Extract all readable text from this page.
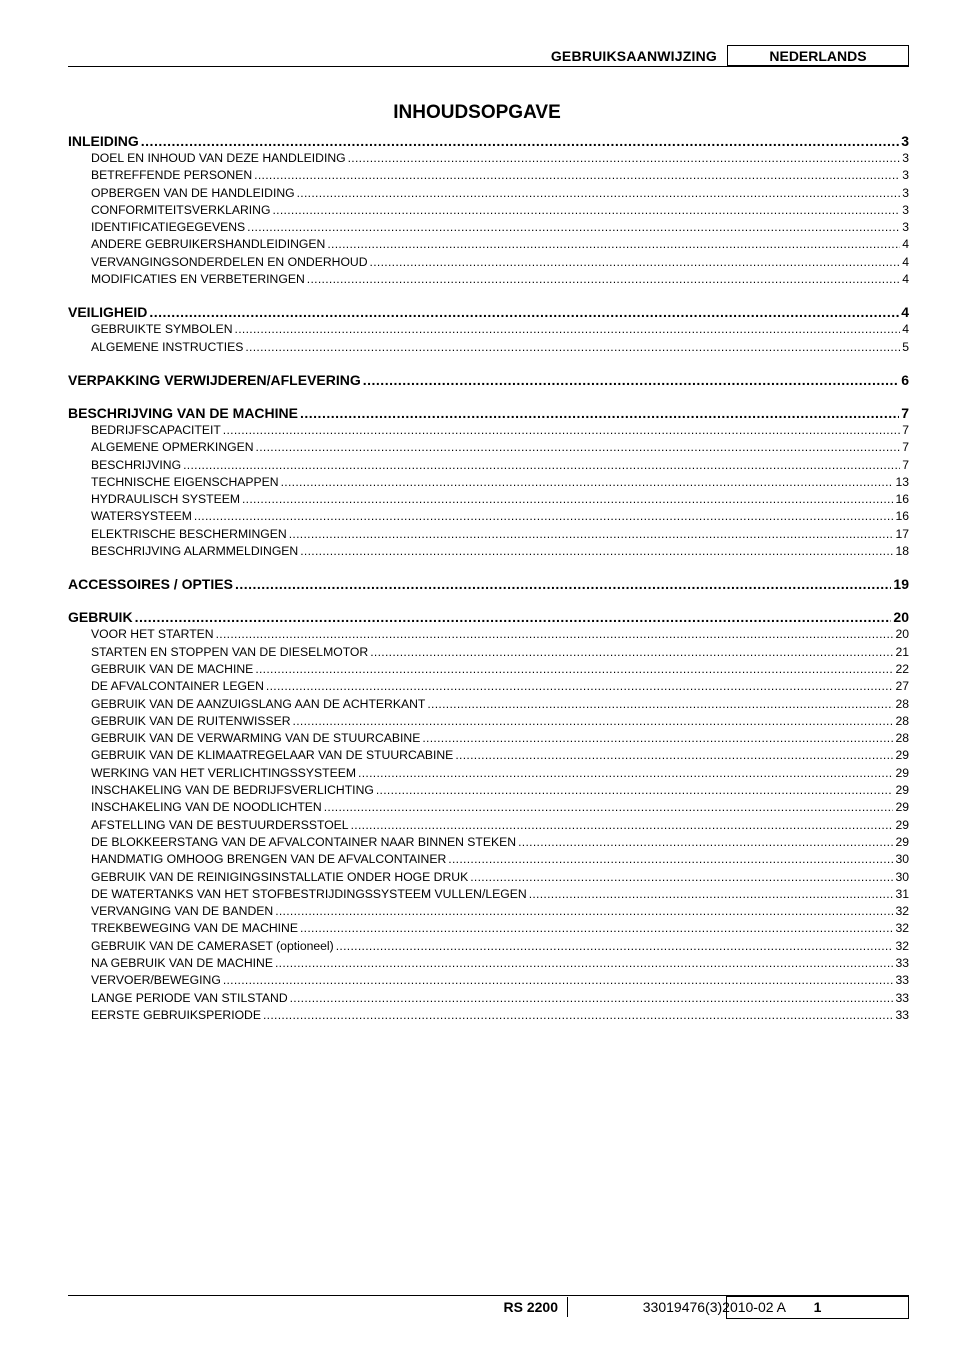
GEBRUIKSAANWIJZING	NEDERLANDS
INHOUDSOPGAVE
INLEIDING .....	3
DOEL EN INHOUD VAN DEZE HANDLEIDING .....	3
BETREFFENDE PERSONEN .....	3
OPBERGEN VAN DE HANDLEIDING .....	3
CONFORMITEITSVERKLARING .....	3
IDENTIFICATIEGEGEVENS .....	3
ANDERE GEBRUIKERSHANDLEIDINGEN .....	4
VERVANGINGSONDERDELEN EN ONDERHOUD .....	4
MODIFICATIES EN VERBETERINGEN .....	4
VEILIGHEID .....	4
GEBRUIKTE SYMBOLEN .....	4
ALGEMENE INSTRUCTIES .....	5
VERPAKKING VERWIJDEREN/AFLEVERING .....	6
BESCHRIJVING VAN DE MACHINE .....	7
BEDRIJFSCAPACITEIT .....	7
ALGEMENE OPMERKINGEN .....	7
BESCHRIJVING .....	7
TECHNISCHE EIGENSCHAPPEN .....	13
HYDRAULISCH SYSTEEM .....	16
WATERSYSTEEM .....	16
ELEKTRISCHE BESCHERMINGEN .....	17
BESCHRIJVING ALARMMELDINGEN .....	18
ACCESSOIRES / OPTIES .....	19
GEBRUIK .....	20
VOOR HET STARTEN .....	20
STARTEN EN STOPPEN VAN DE DIESELMOTOR .....	21
GEBRUIK VAN DE MACHINE .....	22
DE AFVALCONTAINER LEGEN .....	27
GEBRUIK VAN DE AANZUIGSLANG AAN DE ACHTERKANT .....	28
GEBRUIK VAN DE RUITENWISSER .....	28
GEBRUIK VAN DE VERWARMING VAN DE STUURCABINE .....	28
GEBRUIK VAN DE KLIMAATREGELAAR VAN DE STUURCABINE .....	29
WERKING VAN HET VERLICHTINGSSYSTEEM .....	29
INSCHAKELING VAN DE BEDRIJFSVERLICHTING .....	29
INSCHAKELING VAN DE NOODLICHTEN .....	29
AFSTELLING VAN DE BESTUURDERSSTOEL .....	29
DE BLOKKEERSTANG VAN DE AFVALCONTAINER NAAR BINNEN STEKEN .....	29
HANDMATIG OMHOOG BRENGEN VAN DE AFVALCONTAINER .....	30
GEBRUIK VAN DE REINIGINGSINSTALLATIE ONDER HOGE DRUK .....	30
DE WATERTANKS VAN HET STOFBESTRIJDINGSSYSTEEM VULLEN/LEGEN .....	31
VERVANGING VAN DE BANDEN .....	32
TREKBEWEGING VAN DE MACHINE .....	32
GEBRUIK VAN DE CAMERASET (optioneel) .....	32
NA GEBRUIK VAN DE MACHINE .....	33
VERVOER/BEWEGING .....	33
LANGE PERIODE VAN STILSTAND .....	33
EERSTE GEBRUIKSPERIODE .....	33
RS 2200	33019476(3)2010-02 A	1
